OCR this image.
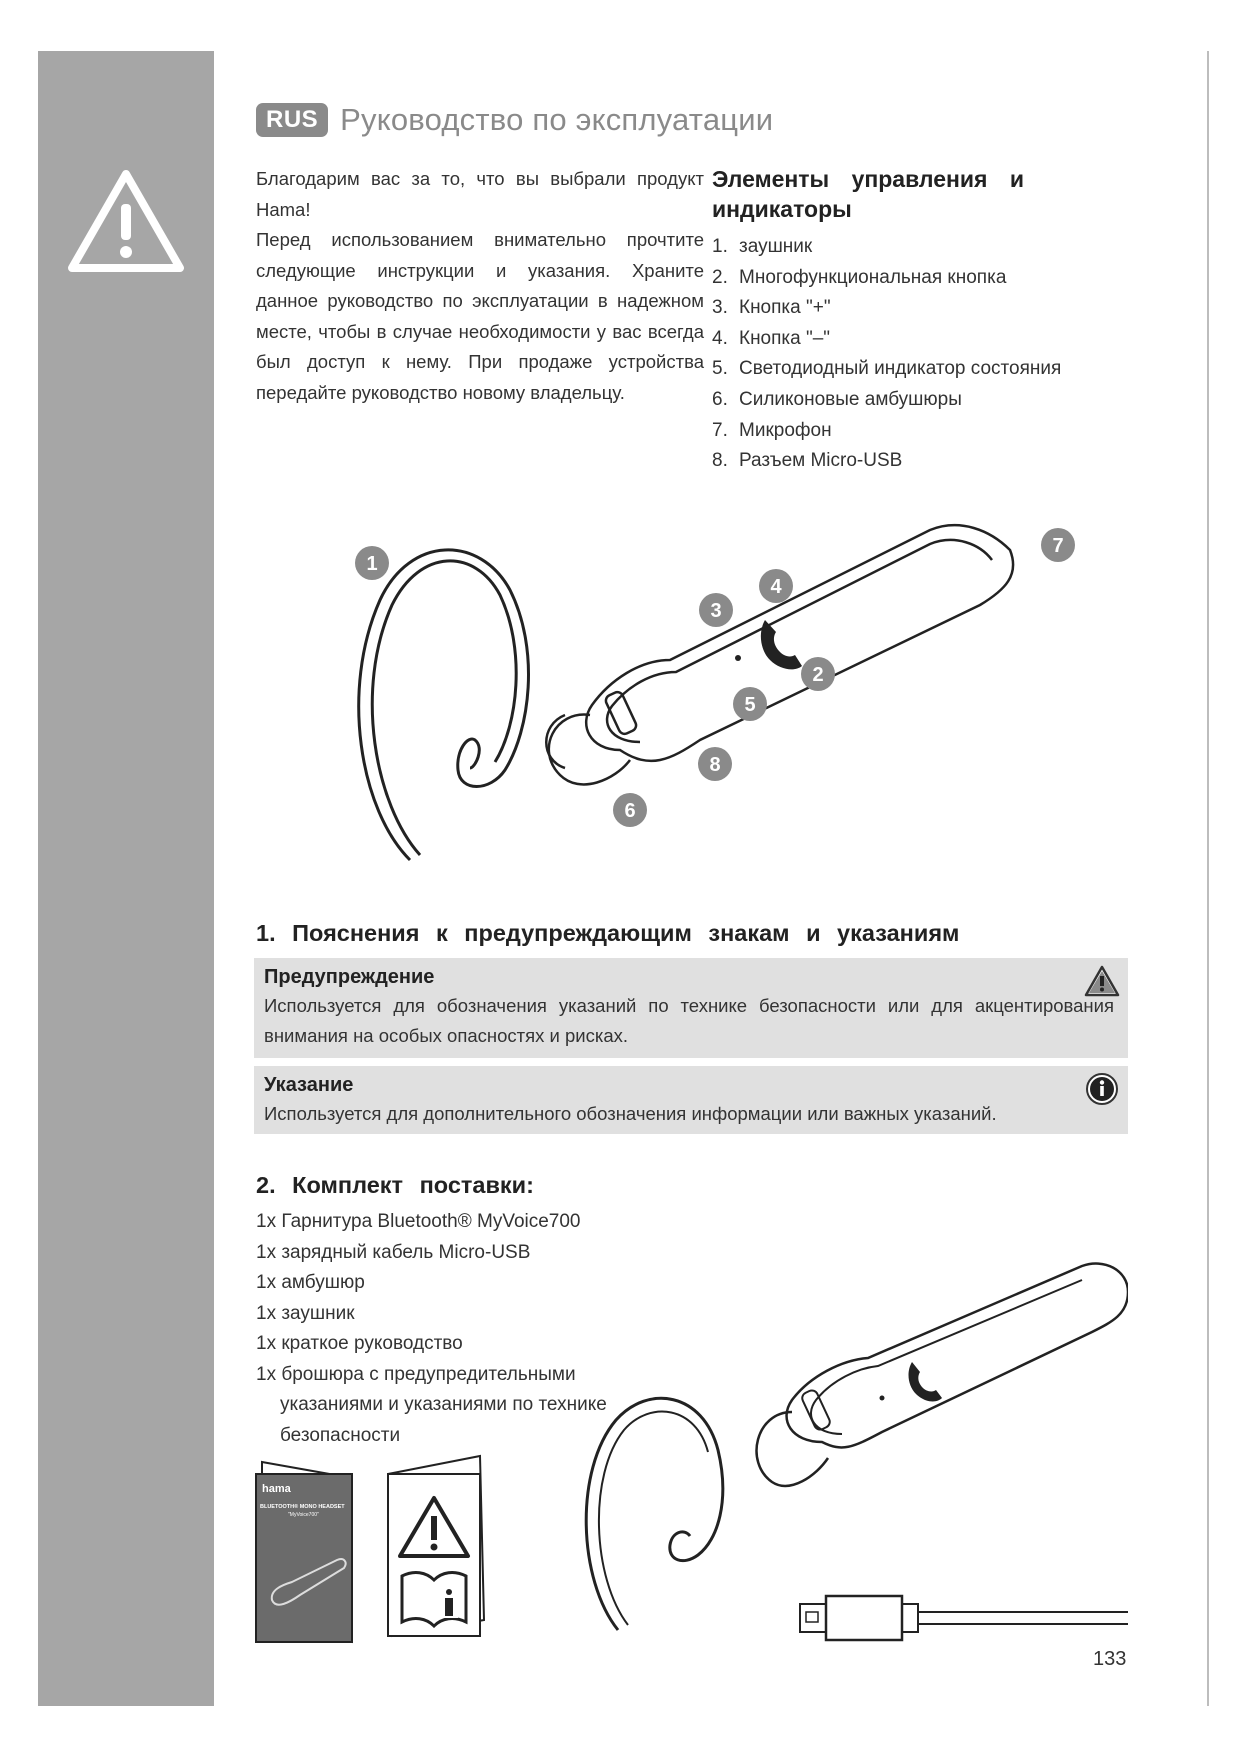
RUS Руководство по эксплуатации

Благодарим вас за то, что вы выбрали продукт Hama!

Перед использованием внимательно прочтите следующие инструкции и указания. Храните данное руководство по эксплуатации в надежном месте, чтобы в случае необходимости у вас всегда был доступ к нему. При продаже устройства передайте руководство новому владельцу.

Элементы управления и индикаторы
1. заушник
2. Многофункциональная кнопка
3. Кнопка "+"
4. Кнопка "–"
5. Светодиодный индикатор состояния
6. Силиконовые амбушюры
7. Микрофон
8. Разъем Micro-USB
1
2
3
4
5
6
7
8
1. Пояснения к предупреждающим знакам и указаниям
Предупреждение
Используется для обозначения указаний по технике безопасности или для акцентирования внимания на особых опасностях и рисках.
Указание
Используется для дополнительного обозначения информации или важных указаний.
2. Комплект поставки:
1x Гарнитура Bluetooth® MyVoice700
1x зарядный кабель Micro-USB
1x амбушюр
1x заушник
1x краткое руководство
1x брошюра с предупредительными указаниями и указаниями по технике безопасности
hama
BLUETOOTH® MONO HEADSET
"MyVoice700"
133
